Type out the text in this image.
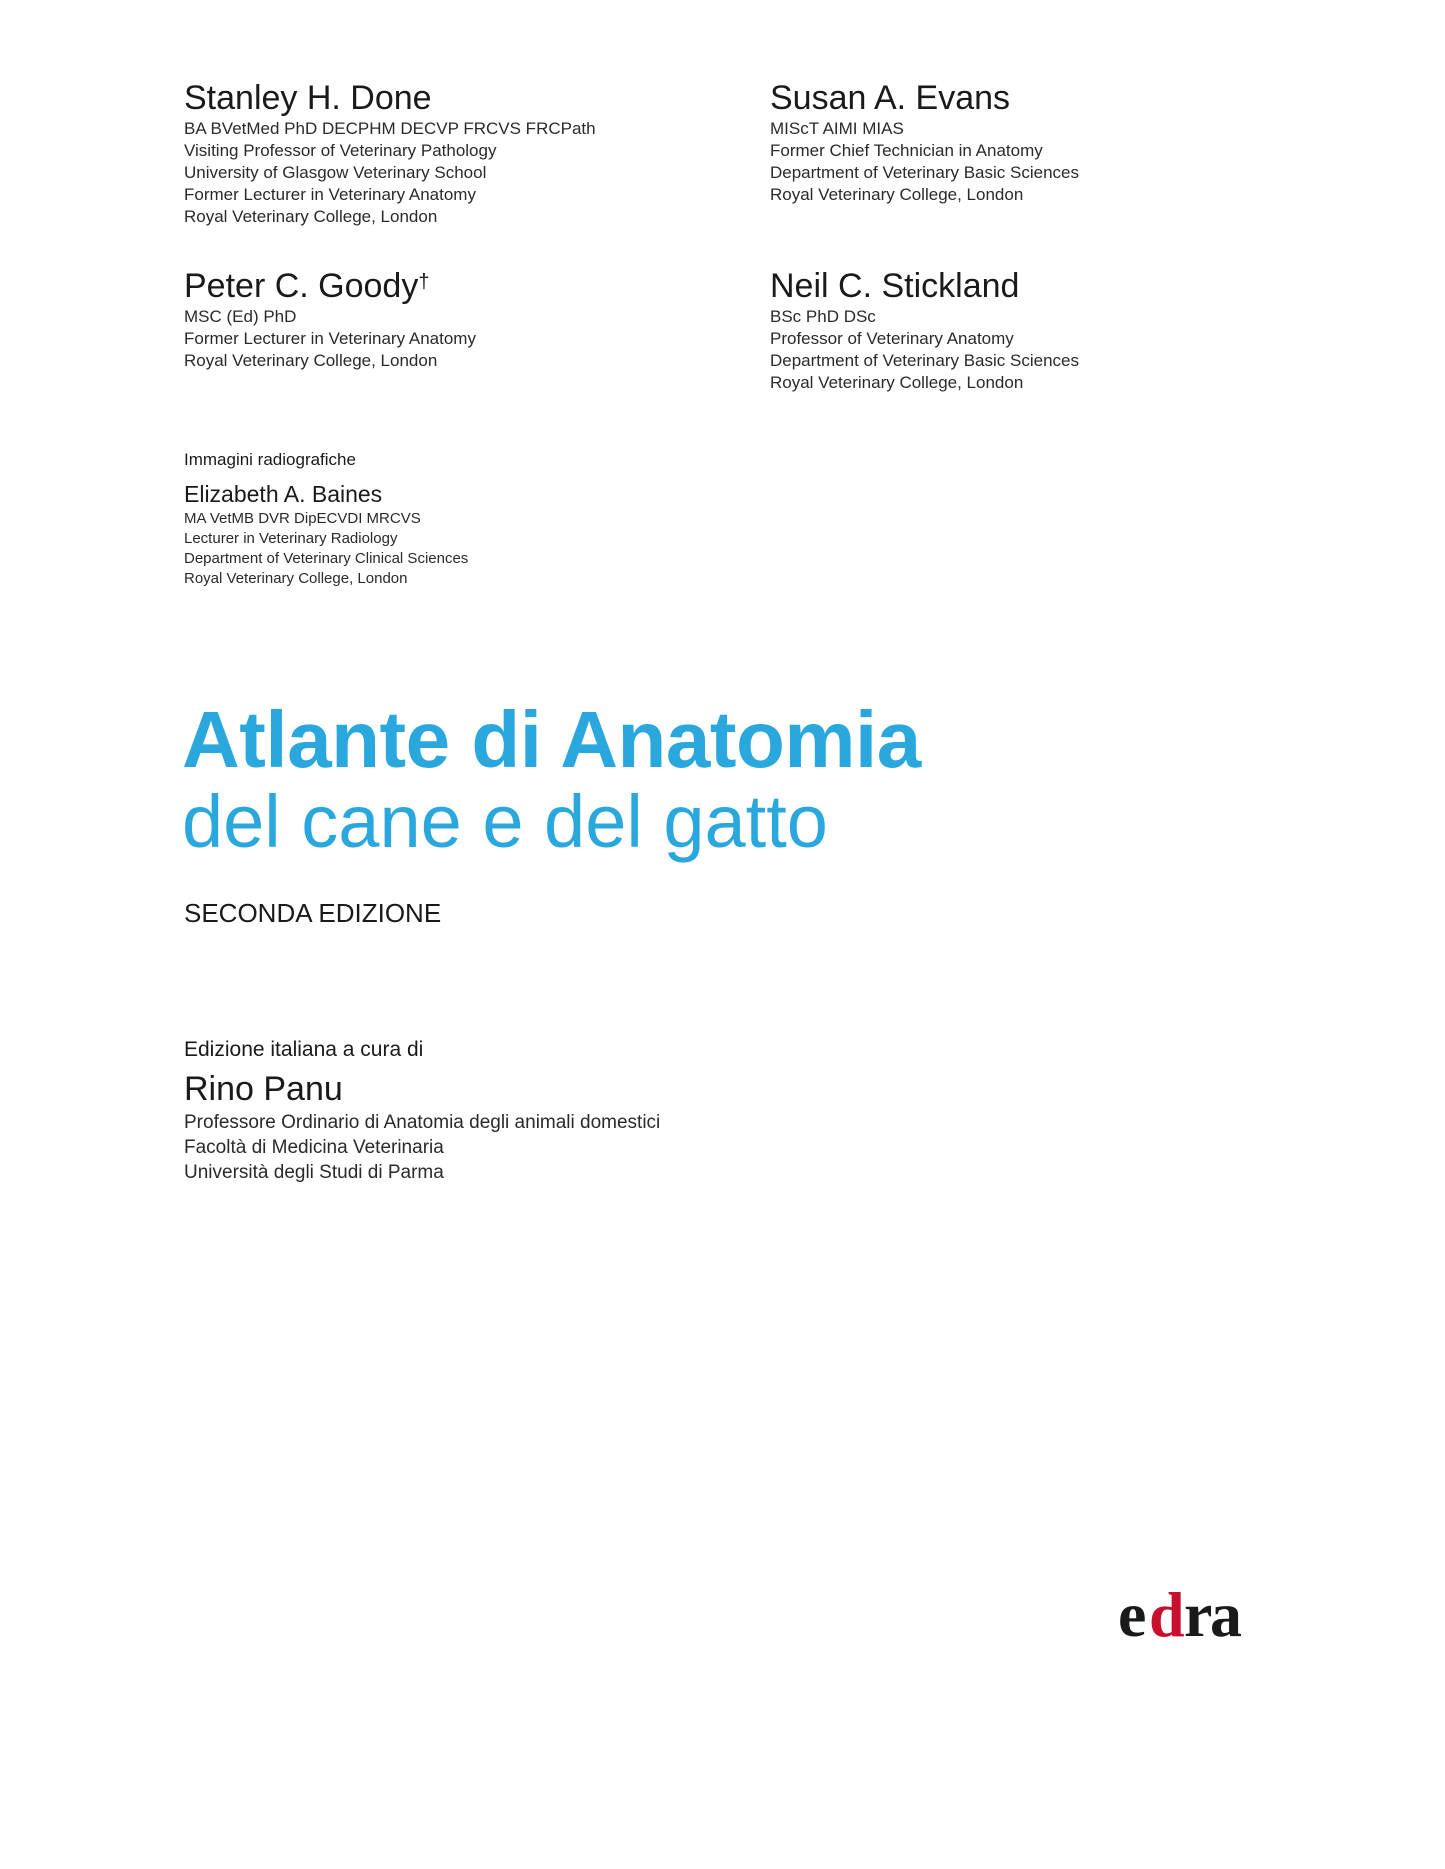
Stanley H. Done
BA BVetMed PhD DECPHM DECVP FRCVS FRCPath
Visiting Professor of Veterinary Pathology
University of Glasgow Veterinary School
Former Lecturer in Veterinary Anatomy
Royal Veterinary College, London
Susan A. Evans
MIScT AIMI MIAS
Former Chief Technician in Anatomy
Department of Veterinary Basic Sciences
Royal Veterinary College, London
Peter C. Goody†
MSC (Ed) PhD
Former Lecturer in Veterinary Anatomy
Royal Veterinary College, London
Neil C. Stickland
BSc PhD DSc
Professor of Veterinary Anatomy
Department of Veterinary Basic Sciences
Royal Veterinary College, London
Immagini radiografiche
Elizabeth A. Baines
MA VetMB DVR DipECVDI MRCVS
Lecturer in Veterinary Radiology
Department of Veterinary Clinical Sciences
Royal Veterinary College, London
Atlante di Anatomia
del cane e del gatto
SECONDA EDIZIONE
Edizione italiana a cura di
Rino Panu
Professore Ordinario di Anatomia degli animali domestici
Facoltà di Medicina Veterinaria
Università degli Studi di Parma
e d r
a
